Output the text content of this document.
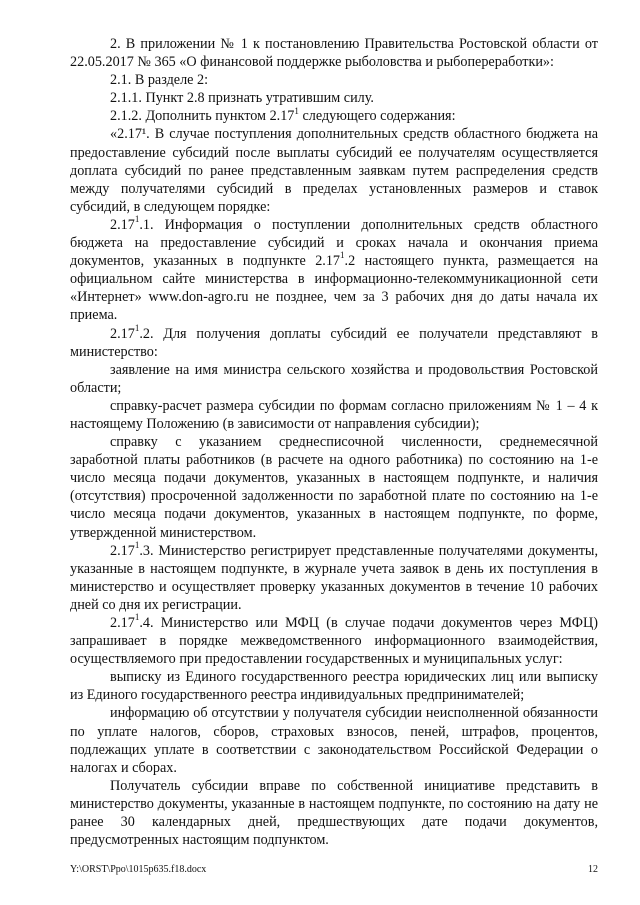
2. В приложении № 1 к постановлению Правительства Ростовской области от 22.05.2017 № 365 «О финансовой поддержке рыболовства и рыбопереработки»:

2.1. В разделе 2:

2.1.1. Пункт 2.8 признать утратившим силу.

2.1.2. Дополнить пунктом 2.17$^1$ следующего содержания:

«2.17¹. В случае поступления дополнительных средств областного бюджета на предоставление субсидий после выплаты субсидий ее получателям осуществляется доплата субсидий по ранее представленным заявкам путем распределения средств между получателями субсидий в пределах установленных размеров и ставок субсидий, в следующем порядке:

2.17$^1$.1. Информация о поступлении дополнительных средств областного бюджета на предоставление субсидий и сроках начала и окончания приема документов, указанных в подпункте 2.17$^1$.2 настоящего пункта, размещается на официальном сайте министерства в информационно-телекоммуникационной сети «Интернет» www.don-agro.ru не позднее, чем за 3 рабочих дня до даты начала их приема.

2.17$^1$.2. Для получения доплаты субсидий ее получатели представляют в министерство:

заявление на имя министра сельского хозяйства и продовольствия Ростовской области;

справку-расчет размера субсидии по формам согласно приложениям № 1 – 4 к настоящему Положению (в зависимости от направления субсидии);

справку с указанием среднесписочной численности, среднемесячной заработной платы работников (в расчете на одного работника) по состоянию на 1-е число месяца подачи документов, указанных в настоящем подпункте, и наличия (отсутствия) просроченной задолженности по заработной плате по состоянию на 1-е число месяца подачи документов, указанных в настоящем подпункте, по форме, утвержденной министерством.

2.17$^1$.3. Министерство регистрирует представленные получателями документы, указанные в настоящем подпункте, в журнале учета заявок в день их поступления в министерство и осуществляет проверку указанных документов в течение 10 рабочих дней со дня их регистрации.

2.17$^1$.4. Министерство или МФЦ (в случае подачи документов через МФЦ) запрашивает в порядке межведомственного информационного взаимодействия, осуществляемого при предоставлении государственных и муниципальных услуг:

выписку из Единого государственного реестра юридических лиц или выписку из Единого государственного реестра индивидуальных предпринимателей;

информацию об отсутствии у получателя субсидии неисполненной обязанности по уплате налогов, сборов, страховых взносов, пеней, штрафов, процентов, подлежащих уплате в соответствии с законодательством Российской Федерации о налогах и сборах.

Получатель субсидии вправе по собственной инициативе представить в министерство документы, указанные в настоящем подпункте, по состоянию на дату не ранее 30 календарных дней, предшествующих дате подачи документов, предусмотренных настоящим подпунктом.

Y:\ORST\Ppo\1015p635.f18.docx	12
